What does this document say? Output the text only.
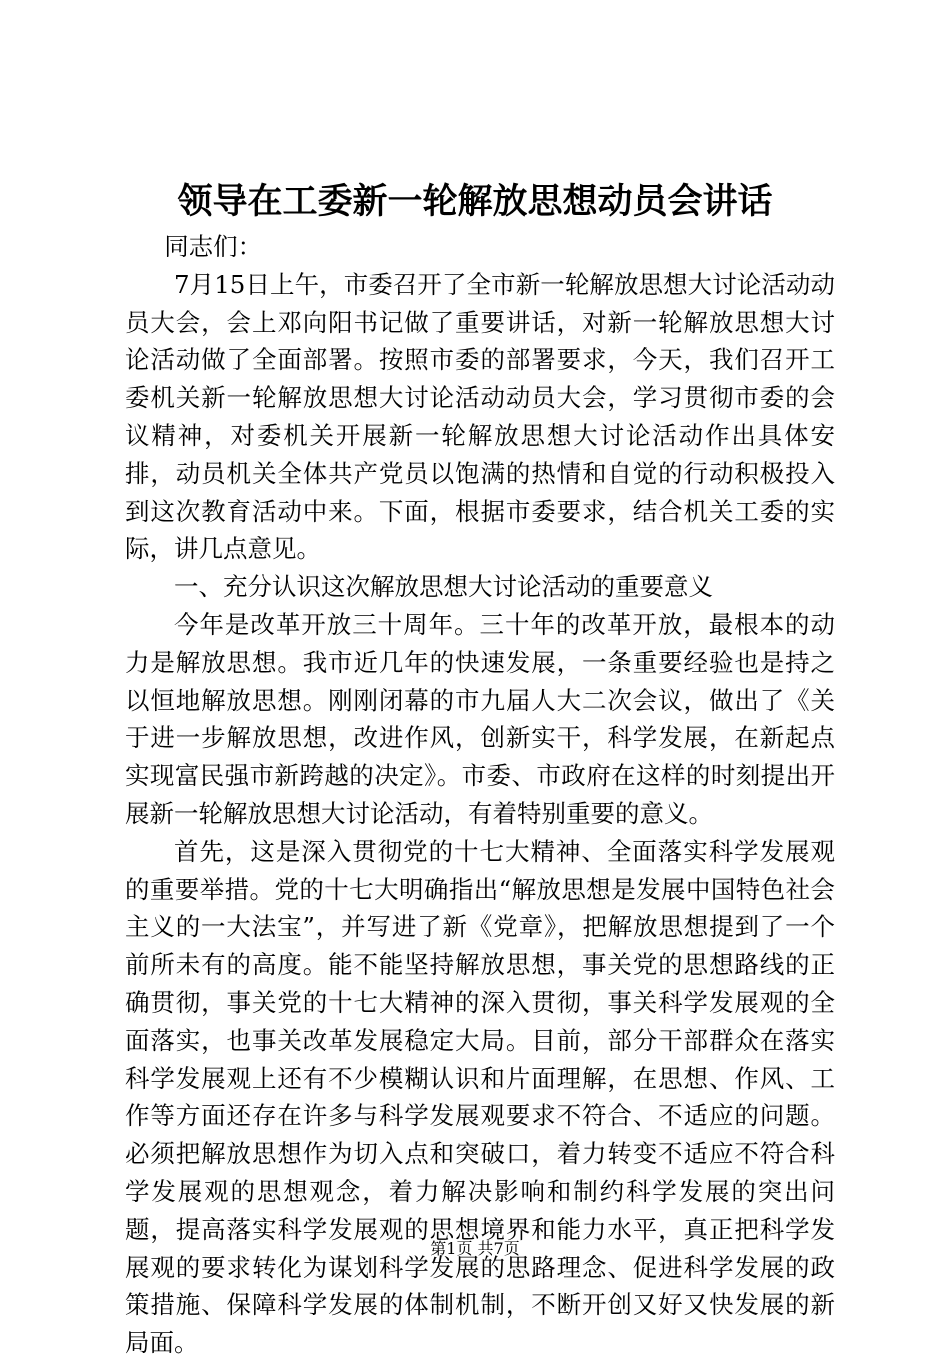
领导在工委新一轮解放思想动员会讲话

同志们：

7月15日上午，市委召开了全市新一轮解放思想大讨论活动动员大会，会上邓向阳书记做了重要讲话，对新一轮解放思想大讨论活动做了全面部署。按照市委的部署要求，今天，我们召开工委机关新一轮解放思想大讨论活动动员大会，学习贯彻市委的会议精神，对委机关开展新一轮解放思想大讨论活动作出具体安排，动员机关全体共产党员以饱满的热情和自觉的行动积极投入到这次教育活动中来。下面，根据市委要求，结合机关工委的实际，讲几点意见。

一、充分认识这次解放思想大讨论活动的重要意义

今年是改革开放三十周年。三十年的改革开放，最根本的动力是解放思想。我市近几年的快速发展，一条重要经验也是持之以恒地解放思想。刚刚闭幕的市九届人大二次会议，做出了《关于进一步解放思想，改进作风，创新实干，科学发展，在新起点实现富民强市新跨越的决定》。市委、市政府在这样的时刻提出开展新一轮解放思想大讨论活动，有着特别重要的意义。

首先，这是深入贯彻党的十七大精神、全面落实科学发展观的重要举措。党的十七大明确指出“解放思想是发展中国特色社会主义的一大法宝”，并写进了新《党章》，把解放思想提到了一个前所未有的高度。能不能坚持解放思想，事关党的思想路线的正确贯彻，事关党的十七大精神的深入贯彻，事关科学发展观的全面落实，也事关改革发展稳定大局。目前，部分干部群众在落实科学发展观上还有不少模糊认识和片面理解，在思想、作风、工作等方面还存在许多与科学发展观要求不符合、不适应的问题。必须把解放思想作为切入点和突破口，着力转变不适应不符合科学发展观的思想观念，着力解决影响和制约科学发展的突出问题，提高落实科学发展观的思想境界和能力水平，真正把科学发展观的要求转化为谋划科学发展的思路理念、促进科学发展的政策措施、保障科学发展的体制机制，不断开创又好又快发展的新局面。

第1页 共7页
